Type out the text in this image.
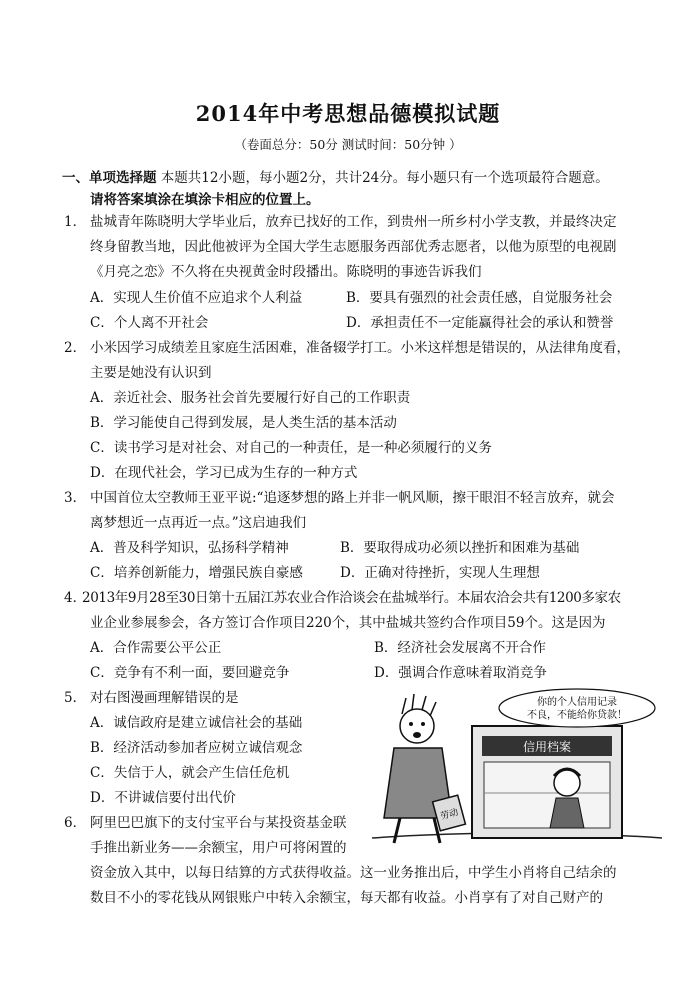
2014年中考思想品德模拟试题
（卷面总分：50分 测试时间：50分钟 ）
一、单项选择题 本题共12小题，每小题2分，共计24分。每小题只有一个选项最符合题意。
请将答案填涂在填涂卡相应的位置上。
1． 盐城青年陈晓明大学毕业后，放弃已找好的工作，到贵州一所乡村小学支教，并最终决定
终身留教当地，因此他被评为全国大学生志愿服务西部优秀志愿者，以他为原型的电视剧
《月亮之恋》不久将在央视黄金时段播出。陈晓明的事迹告诉我们
A．实现人生价值不应追求个人利益	B．要具有强烈的社会责任感，自觉服务社会
C．个人离不开社会	D．承担责任不一定能赢得社会的承认和赞誉
2． 小米因学习成绩差且家庭生活困难，准备辍学打工。小米这样想是错误的，从法律角度看，
主要是她没有认识到
A．亲近社会、服务社会首先要履行好自己的工作职责
B．学习能使自己得到发展，是人类生活的基本活动
C．读书学习是对社会、对自己的一种责任，是一种必须履行的义务
D．在现代社会，学习已成为生存的一种方式
3． 中国首位太空教师王亚平说:“追逐梦想的路上并非一帆风顺，擦干眼泪不轻言放弃，就会
离梦想近一点再近一点。”这启迪我们
A．普及科学知识，弘扬科学精神	B．要取得成功必须以挫折和困难为基础
C．培养创新能力，增强民族自豪感	D．正确对待挫折，实现人生理想
4．
2013年9月28至30日第十五届江苏农业合作洽谈会在盐城举行。本届农洽会共有1200多家农
业企业参展参会，各方签订合作项目220个，其中盐城共签约合作项目59个。这是因为
A．合作需要公平公正	B．经济社会发展离不开合作
C．竞争有不利一面，要回避竞争	D．强调合作意味着取消竞争
5． 对右图漫画理解错误的是
A．诚信政府是建立诚信社会的基础
B．经济活动参加者应树立诚信观念
C．失信于人，就会产生信任危机
D．不讲诚信要付出代价
6． 阿里巴巴旗下的支付宝平台与某投资基金联
手推出新业务——余额宝，用户可将闲置的
资金放入其中，以每日结算的方式获得收益。这一业务推出后，中学生小肖将自己结余的
数目不小的零花钱从网银账户中转入余额宝，每天都有收益。小肖享有了对自己财产的
信用档案
你的个人信用记录
不良，不能给你贷款！
劳动
